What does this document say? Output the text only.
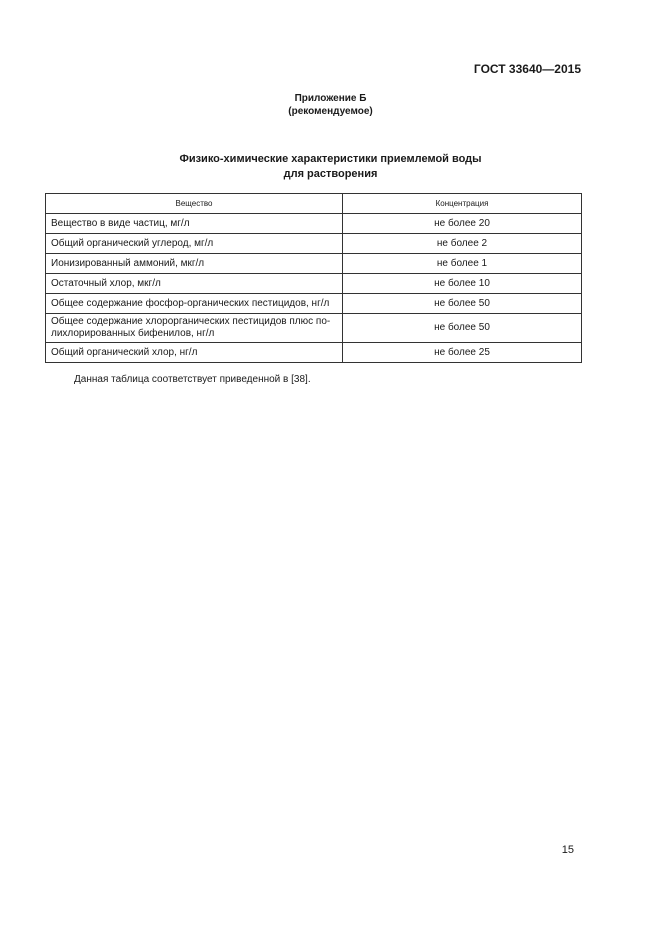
ГОСТ 33640—2015
Приложение Б
(рекомендуемое)
Физико-химические характеристики приемлемой воды
для растворения
Вещество	Концентрация
Вещество в виде частиц, мг/л	не более 20
Общий органический углерод, мг/л	не более 2
Ионизированный аммоний, мкг/л	не более 1
Остаточный хлор, мкг/л	не более 10
Общее содержание фосфор-органических пестицидов, нг/л	не более 50

Общее содержание хлорорганических пестицидов плюс по-
лихлорированных бифенилов, нг/л	не более 50
Общий органический хлор, нг/л	не более 25
Данная таблица соответствует приведенной в [38].
15
